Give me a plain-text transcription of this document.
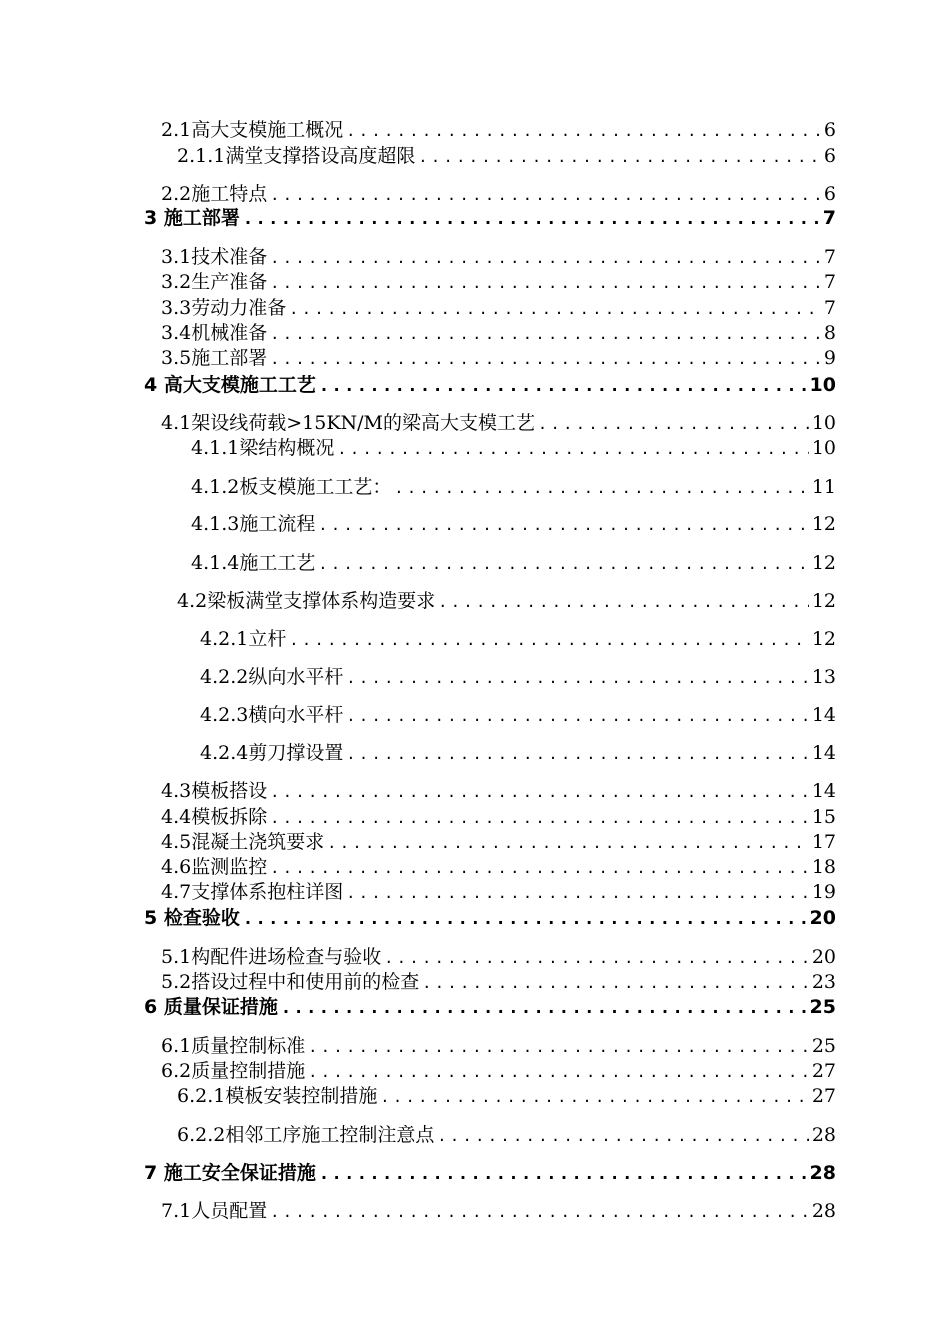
2.1高大支模施工概况 .....	6
2.1.1满堂支撑搭设高度超限 .....	6
2.2施工特点 .....	6
3 施工部署 .....	7
3.1技术准备 .....	7
3.2生产准备 .....	7
3.3劳动力准备 .....	7
3.4机械准备 .....	8
3.5施工部署 .....	9
4 高大支模施工工艺 .....	10
4.1架设线荷载>15KN/M的梁高大支模工艺 .....	10
4.1.1梁结构概况 .....	10
4.1.2板支模施工工艺： .....	11
4.1.3施工流程 .....	12
4.1.4施工工艺 .....	12
4.2梁板满堂支撑体系构造要求 .....	12
4.2.1立杆 .....	12
4.2.2纵向水平杆 .....	13
4.2.3横向水平杆 .....	14
4.2.4剪刀撑设置 .....	14
4.3模板搭设 .....	14
4.4模板拆除 .....	15
4.5混凝土浇筑要求 .....	17
4.6监测监控 .....	18
4.7支撑体系抱柱详图 .....	19
5 检查验收 .....	20
5.1构配件进场检查与验收 .....	20
5.2搭设过程中和使用前的检查 .....	23
6 质量保证措施 .....	25
6.1质量控制标准 .....	25
6.2质量控制措施 .....	27
6.2.1模板安装控制措施 .....	27
6.2.2相邻工序施工控制注意点 .....	28
7 施工安全保证措施 .....	28
7.1人员配置 .....	28
